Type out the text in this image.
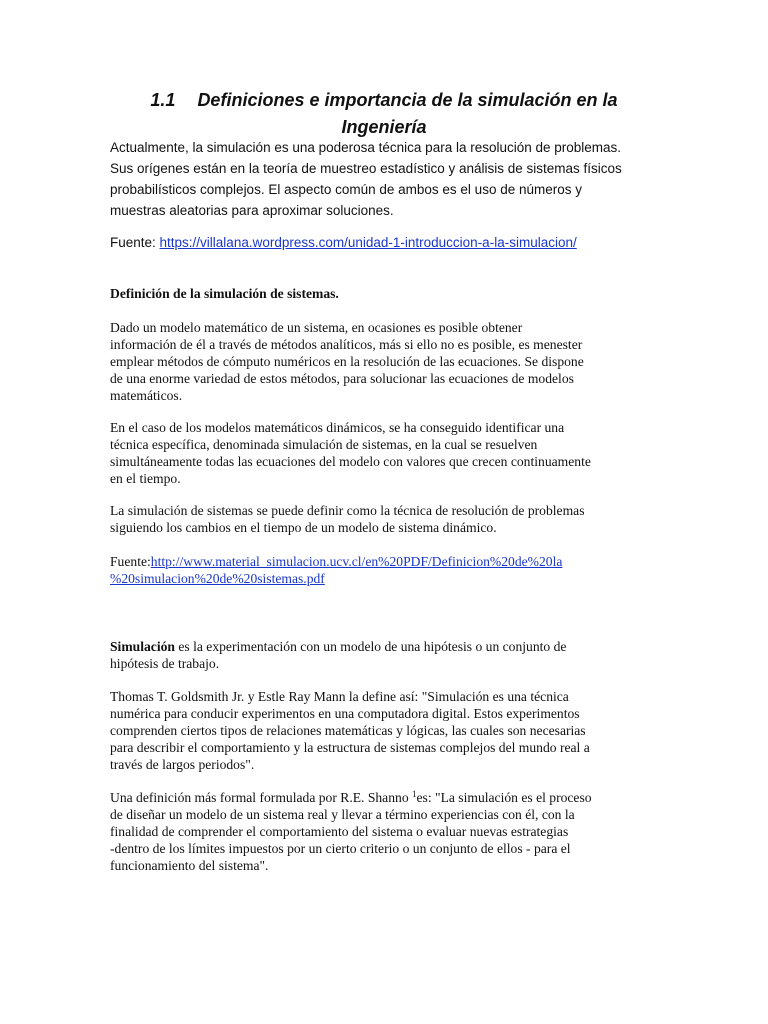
1.1 Definiciones e importancia de la simulación en la
Ingeniería

Actualmente, la simulación es una poderosa técnica para la resolución de problemas.

Sus orígenes están en la teoría de muestreo estadístico y análisis de sistemas físicos

probabilísticos complejos. El aspecto común de ambos es el uso de números y

muestras aleatorias para aproximar soluciones.

Fuente: https://villalana.wordpress.com/unidad-1-introduccion-a-la-simulacion/

Definición de la simulación de sistemas.

Dado un modelo matemático de un sistema, en ocasiones es posible obtener

información de él a través de métodos analíticos, más si ello no es posible, es menester

emplear métodos de cómputo numéricos en la resolución de las ecuaciones. Se dispone

de una enorme variedad de estos métodos, para solucionar las ecuaciones de modelos

matemáticos.

En el caso de los modelos matemáticos dinámicos, se ha conseguido identificar una

técnica específica, denominada simulación de sistemas, en la cual se resuelven

simultáneamente todas las ecuaciones del modelo con valores que crecen continuamente

en el tiempo.

La simulación de sistemas se puede definir como la técnica de resolución de problemas

siguiendo los cambios en el tiempo de un modelo de sistema dinámico.

Fuente:http://www.material_simulacion.ucv.cl/en%20PDF/Definicion%20de%20la

%20simulacion%20de%20sistemas.pdf

Simulación es la experimentación con un modelo de una hipótesis o un conjunto de

hipótesis de trabajo.

Thomas T. Goldsmith Jr. y Estle Ray Mann la define así: "Simulación es una técnica

numérica para conducir experimentos en una computadora digital. Estos experimentos

comprenden ciertos tipos de relaciones matemáticas y lógicas, las cuales son necesarias

para describir el comportamiento y la estructura de sistemas complejos del mundo real a

través de largos periodos".

Una definición más formal formulada por R.E. Shanno $^1$es: "La simulación es el proceso

de diseñar un modelo de un sistema real y llevar a término experiencias con él, con la

finalidad de comprender el comportamiento del sistema o evaluar nuevas estrategias

-dentro de los límites impuestos por un cierto criterio o un conjunto de ellos - para el

funcionamiento del sistema".
